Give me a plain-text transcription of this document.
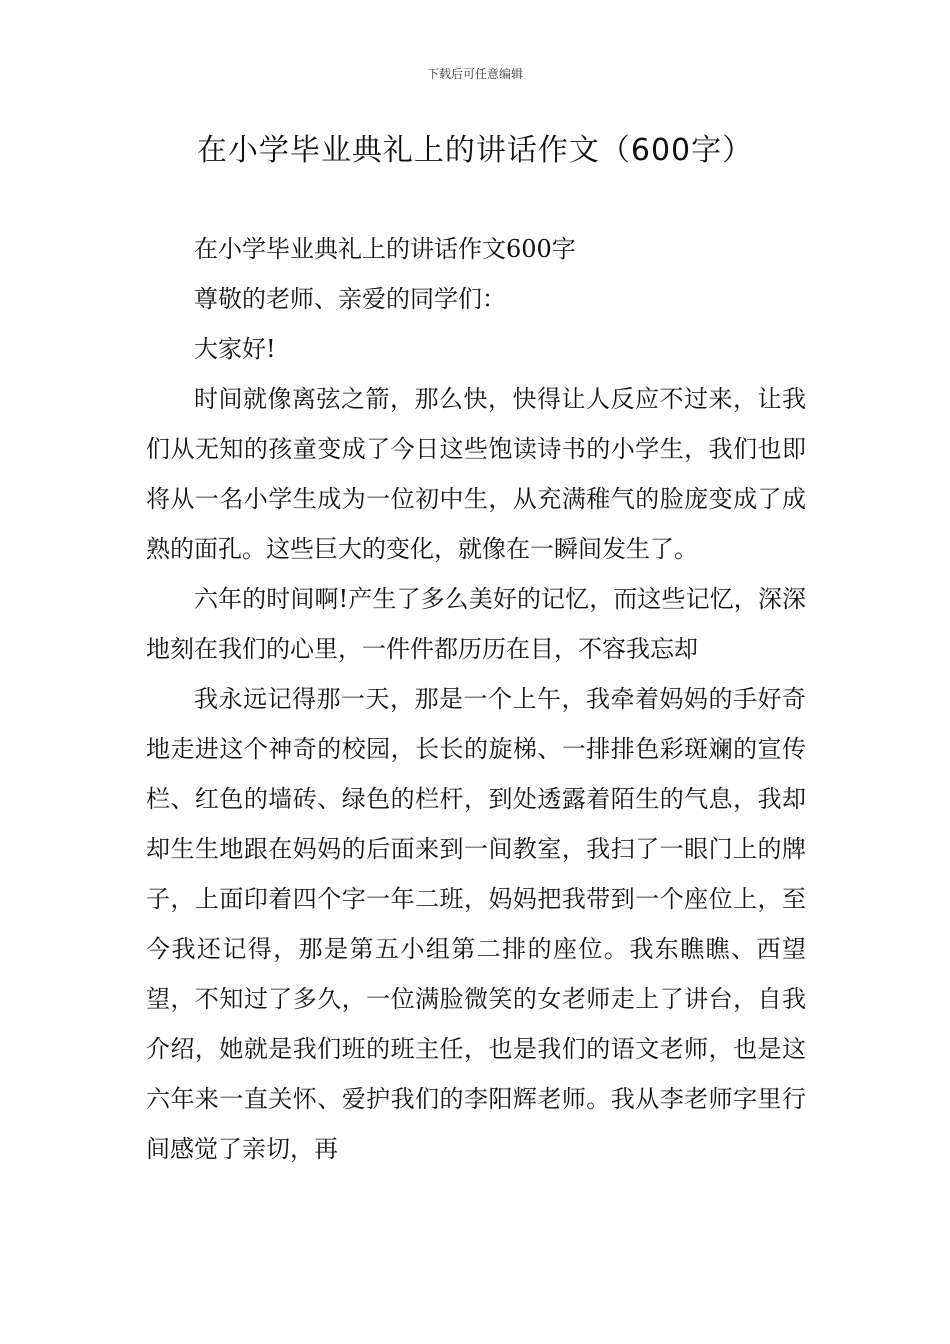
下载后可任意编辑
在小学毕业典礼上的讲话作文（600字）

在小学毕业典礼上的讲话作文600字

尊敬的老师、亲爱的同学们：

大家好!

时间就像离弦之箭，那么快，快得让人反应不过来，让我们从无知的孩童变成了今日这些饱读诗书的小学生，我们也即将从一名小学生成为一位初中生，从充满稚气的脸庞变成了成熟的面孔。这些巨大的变化，就像在一瞬间发生了。

六年的时间啊!产生了多么美好的记忆，而这些记忆，深深地刻在我们的心里，一件件都历历在目，不容我忘却

我永远记得那一天，那是一个上午，我牵着妈妈的手好奇地走进这个神奇的校园，长长的旋梯、一排排色彩斑斓的宣传栏、红色的墙砖、绿色的栏杆，到处透露着陌生的气息，我却却生生地跟在妈妈的后面来到一间教室，我扫了一眼门上的牌子，上面印着四个字一年二班，妈妈把我带到一个座位上，至今我还记得，那是第五小组第二排的座位。我东瞧瞧、西望望，不知过了多久，一位满脸微笑的女老师走上了讲台，自我介绍，她就是我们班的班主任，也是我们的语文老师，也是这六年来一直关怀、爱护我们的李阳辉老师。我从李老师字里行间感觉了亲切，再
